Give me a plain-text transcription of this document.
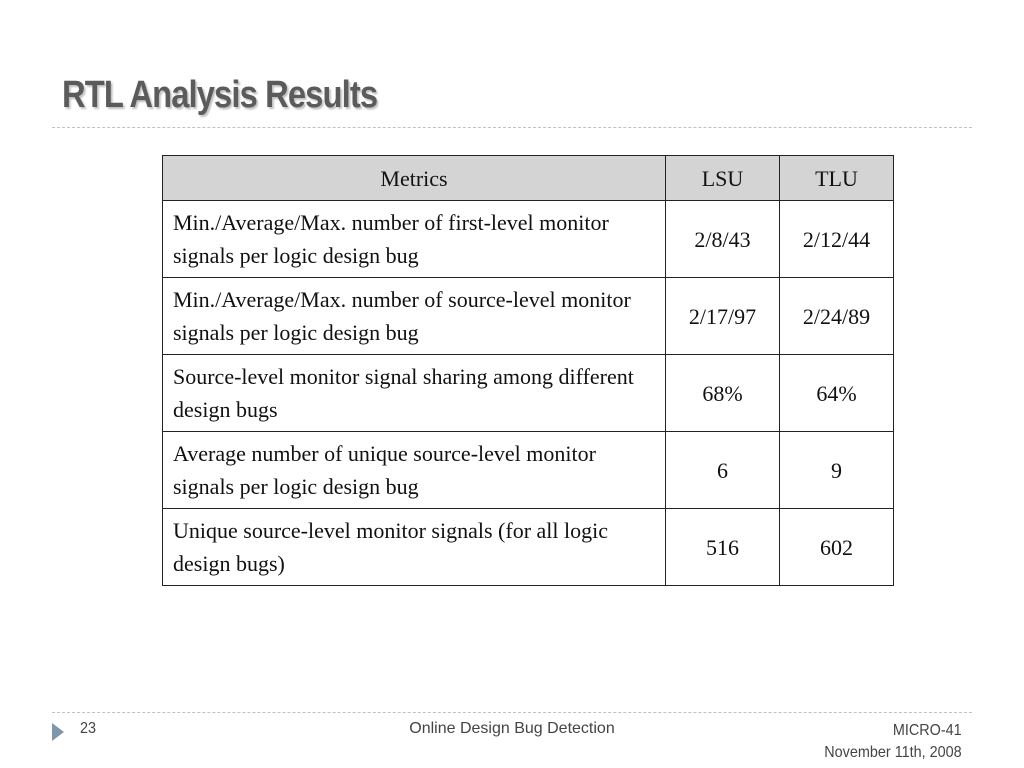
RTL Analysis Results
Metrics	LSU	TLU
Min./Average/Max. number of first-level monitor signals per logic design bug	2/8/43	2/12/44
Min./Average/Max. number of source-level monitor signals per logic design bug	2/17/97	2/24/89
Source-level monitor signal sharing among different design bugs	68%	64%
Average number of unique source-level monitor signals per logic design bug	6	9
Unique source-level monitor signals (for all logic design bugs)	516	602
23	Online Design Bug Detection	MICRO-41
November 11th, 2008
